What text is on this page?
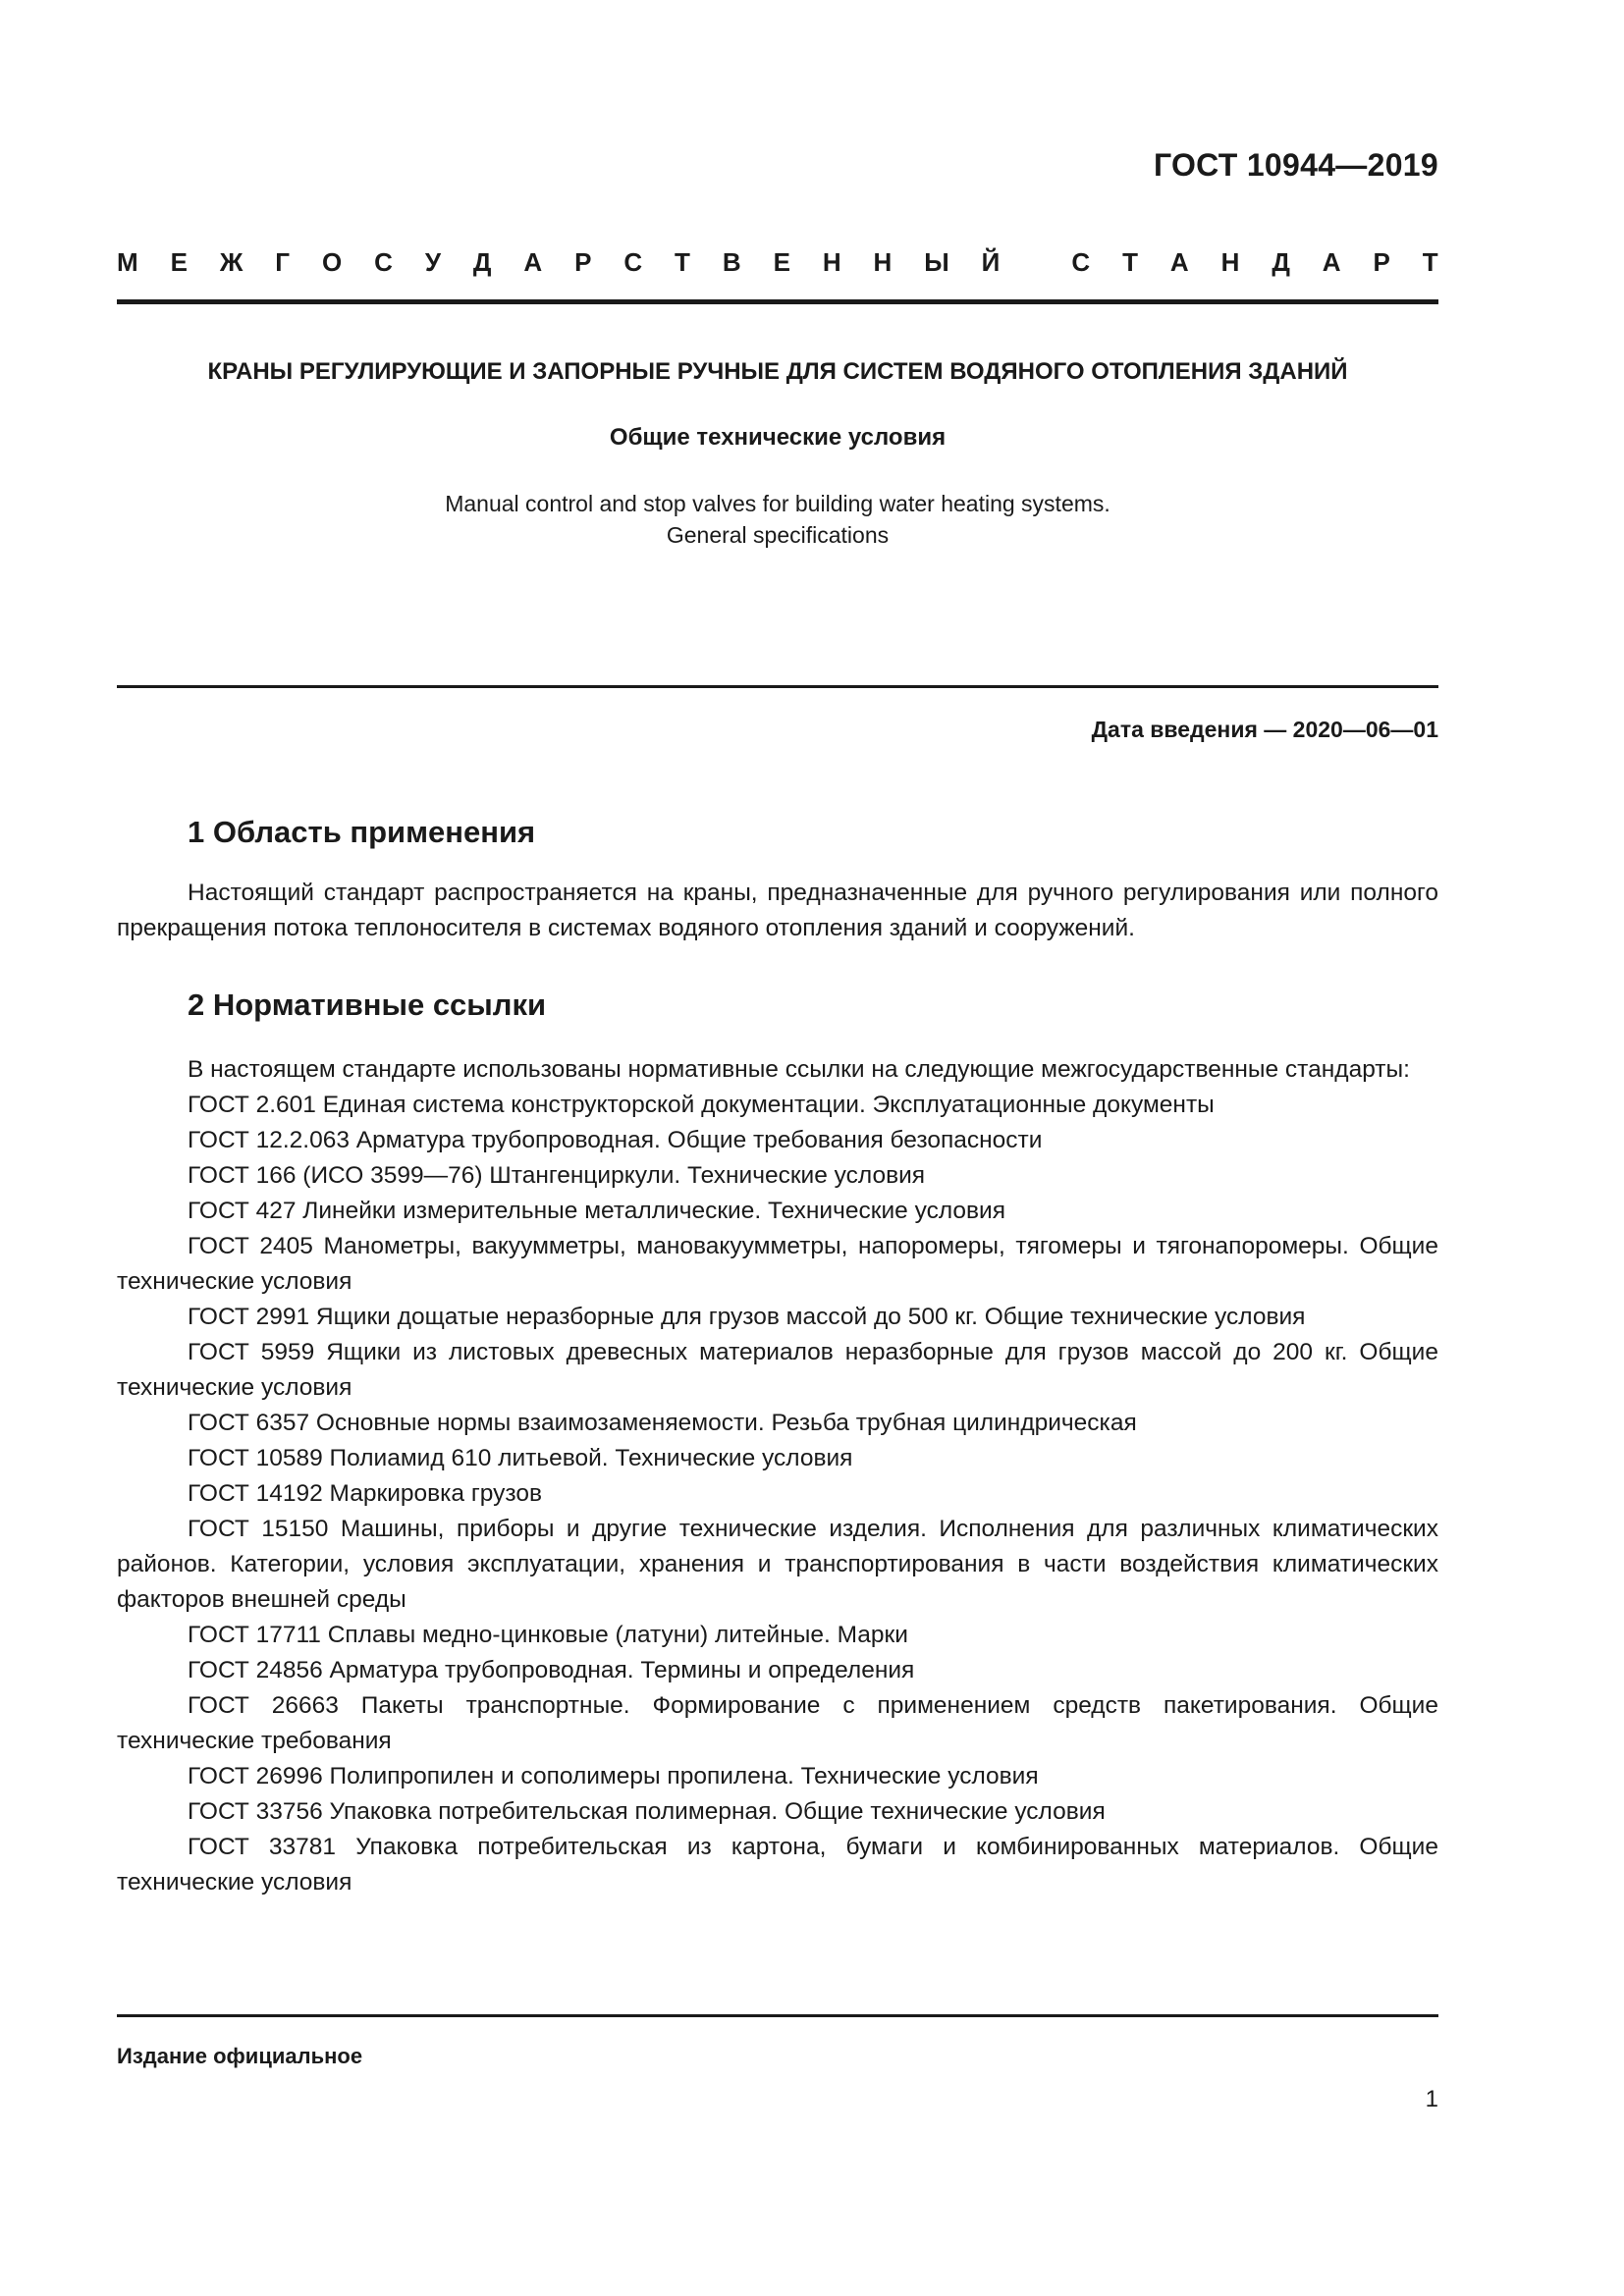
ГОСТ 10944—2019
М Е Ж Г О С У Д А Р С Т В Е Н Н Ы Й
	С Т А Н Д А Р Т
КРАНЫ РЕГУЛИРУЮЩИЕ И ЗАПОРНЫЕ РУЧНЫЕ ДЛЯ СИСТЕМ ВОДЯНОГО ОТОПЛЕНИЯ ЗДАНИЙ
Общие технические условия
Manual control and stop valves for building water heating systems.
General specifications
Дата введения — 2020—06—01
1 Область применения
Настоящий стандарт распространяется на краны, предназначенные для ручного регулирования или полного прекращения потока теплоносителя в системах водяного отопления зданий и сооружений.
2 Нормативные ссылки
В настоящем стандарте использованы нормативные ссылки на следующие межгосударственные стандарты:
ГОСТ 2.601 Единая система конструкторской документации. Эксплуатационные документы
ГОСТ 12.2.063 Арматура трубопроводная. Общие требования безопасности
ГОСТ 166 (ИСО 3599—76) Штангенциркули. Технические условия
ГОСТ 427 Линейки измерительные металлические. Технические условия
ГОСТ 2405 Манометры, вакуумметры, мановакуумметры, напоромеры, тягомеры и тягонапоромеры. Общие технические условия
ГОСТ 2991 Ящики дощатые неразборные для грузов массой до 500 кг. Общие технические условия
ГОСТ 5959 Ящики из листовых древесных материалов неразборные для грузов массой до 200 кг. Общие технические условия
ГОСТ 6357 Основные нормы взаимозаменяемости. Резьба трубная цилиндрическая
ГОСТ 10589 Полиамид 610 литьевой. Технические условия
ГОСТ 14192 Маркировка грузов
ГОСТ 15150 Машины, приборы и другие технические изделия. Исполнения для различных климатических районов. Категории, условия эксплуатации, хранения и транспортирования в части воздействия климатических факторов внешней среды
ГОСТ 17711 Сплавы медно-цинковые (латуни) литейные. Марки
ГОСТ 24856 Арматура трубопроводная. Термины и определения
ГОСТ 26663 Пакеты транспортные. Формирование с применением средств пакетирования. Общие технические требования
ГОСТ 26996 Полипропилен и сополимеры пропилена. Технические условия
ГОСТ 33756 Упаковка потребительская полимерная. Общие технические условия
ГОСТ 33781 Упаковка потребительская из картона, бумаги и комбинированных материалов. Общие технические условия
Издание официальное
1
